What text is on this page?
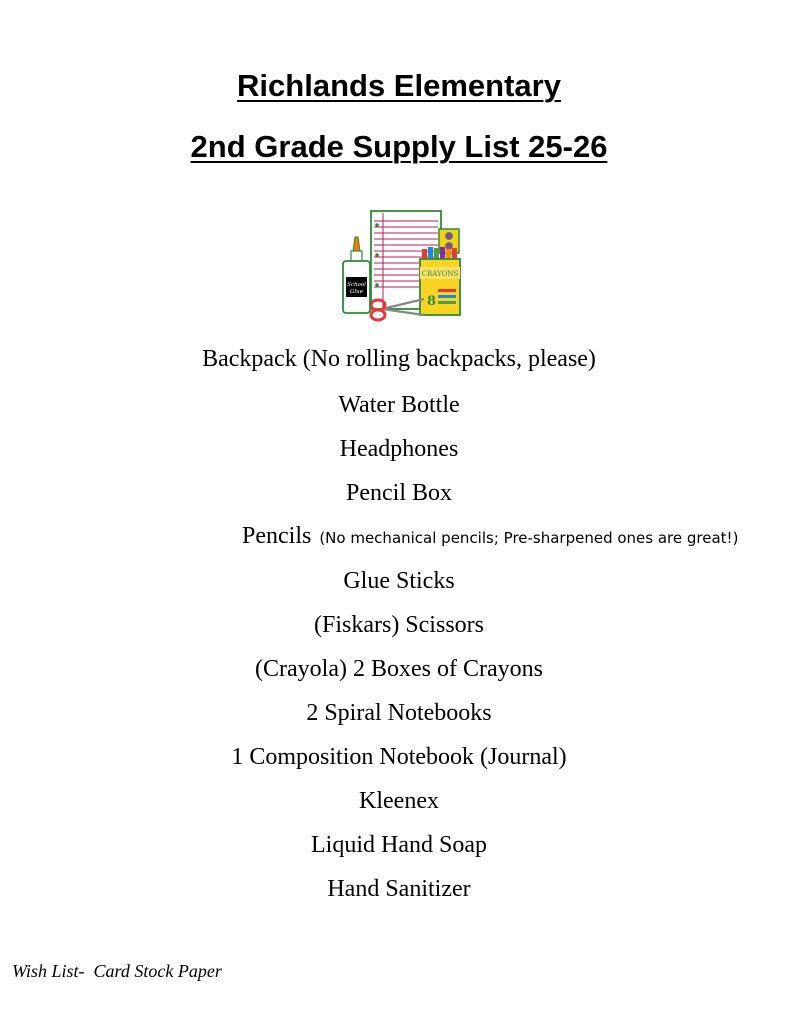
Richlands Elementary
2nd Grade Supply List 25-26
CRAYONS
8
School
Glue
Backpack (No rolling backpacks, please)
Water Bottle
Headphones
Pencil Box
Pencils (No mechanical pencils; Pre-sharpened ones are great!)
Glue Sticks
(Fiskars) Scissors
(Crayola) 2 Boxes of Crayons
2 Spiral Notebooks
1 Composition Notebook (Journal)
Kleenex
Liquid Hand Soap
Hand Sanitizer
Wish List- Card Stock Paper
